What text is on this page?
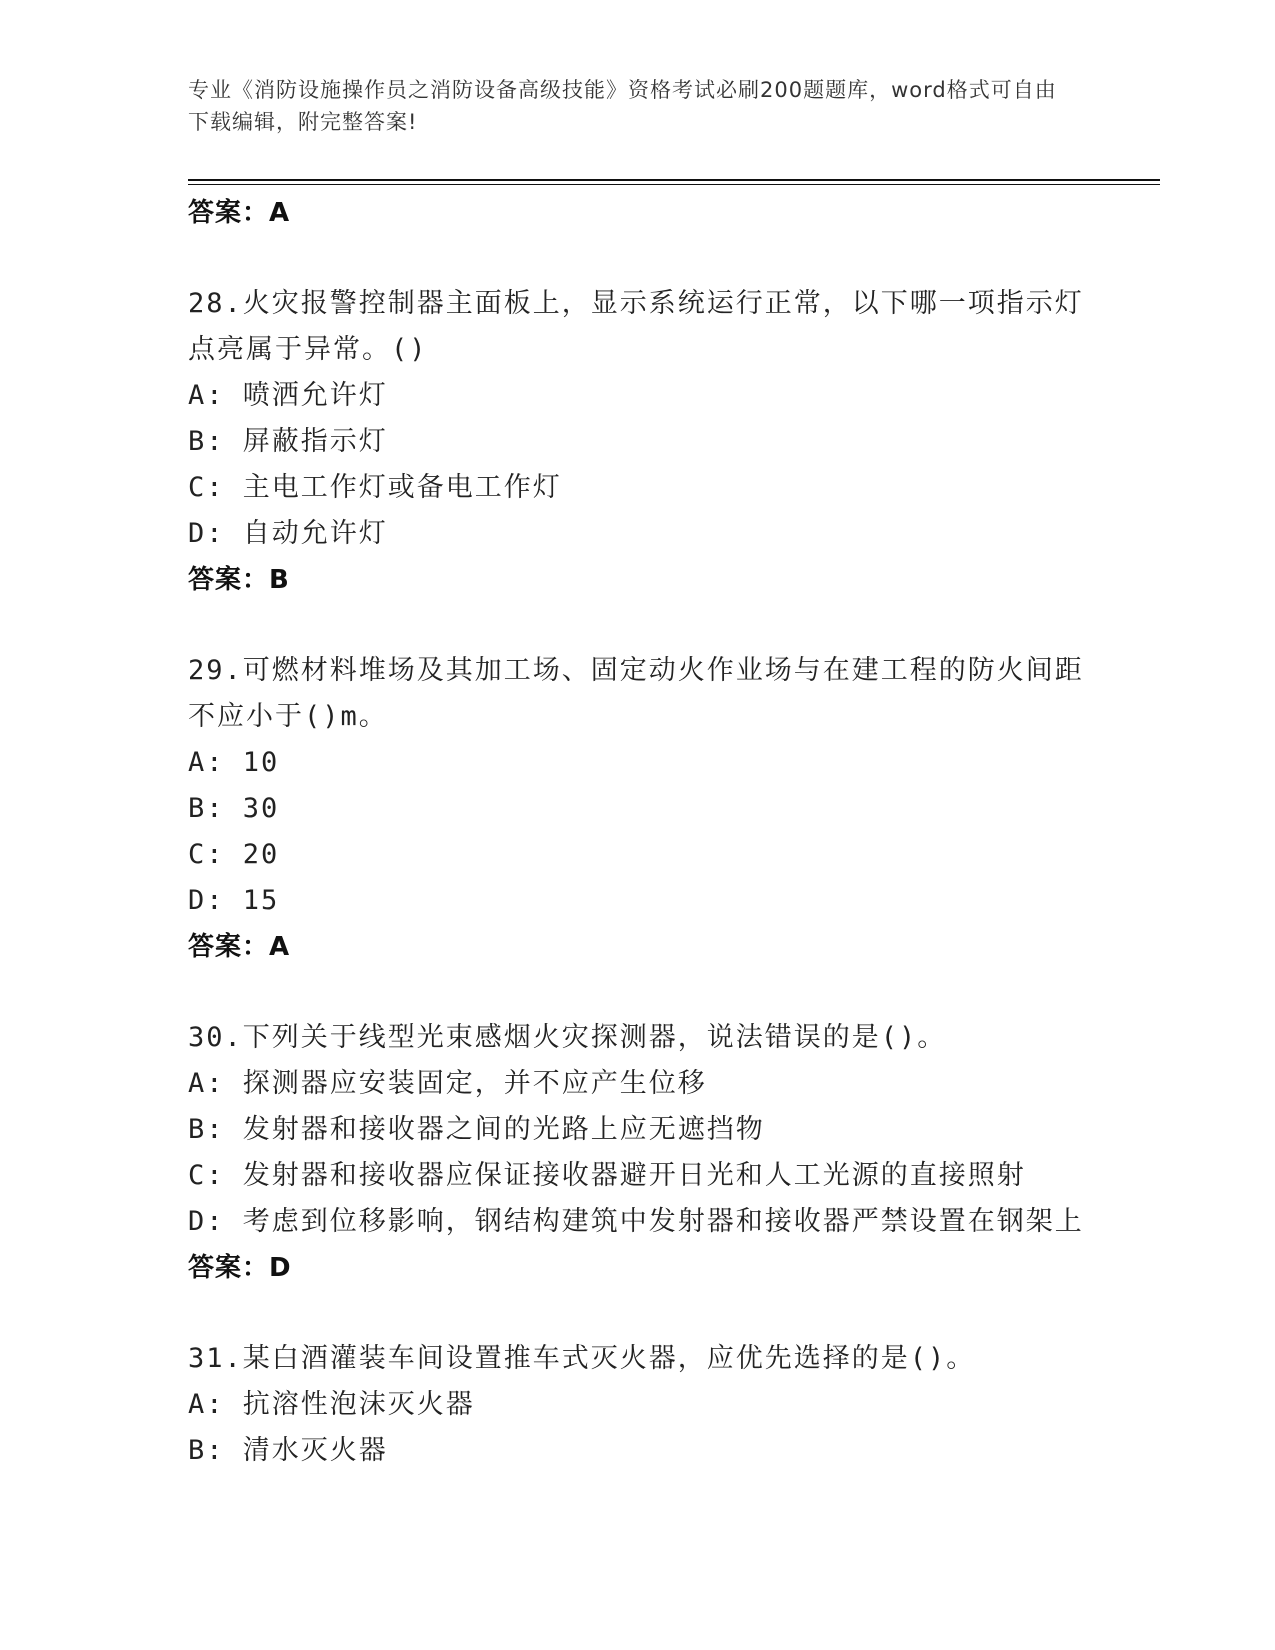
专业《消防设施操作员之消防设备高级技能》资格考试必刷200题题库，word格式可自由下载编辑，附完整答案!

答案：A

28.火灾报警控制器主面板上，显示系统运行正常，以下哪一项指示灯点亮属于异常。()

A: 喷洒允许灯

B: 屏蔽指示灯

C: 主电工作灯或备电工作灯

D: 自动允许灯

答案：B

29.可燃材料堆场及其加工场、固定动火作业场与在建工程的防火间距不应小于()m。

A: 10

B: 30

C: 20

D: 15

答案：A

30.下列关于线型光束感烟火灾探测器，说法错误的是()。

A: 探测器应安装固定，并不应产生位移

B: 发射器和接收器之间的光路上应无遮挡物

C: 发射器和接收器应保证接收器避开日光和人工光源的直接照射

D: 考虑到位移影响，钢结构建筑中发射器和接收器严禁设置在钢架上

答案：D

31.某白酒灌装车间设置推车式灭火器，应优先选择的是()。

A: 抗溶性泡沫灭火器

B: 清水灭火器
